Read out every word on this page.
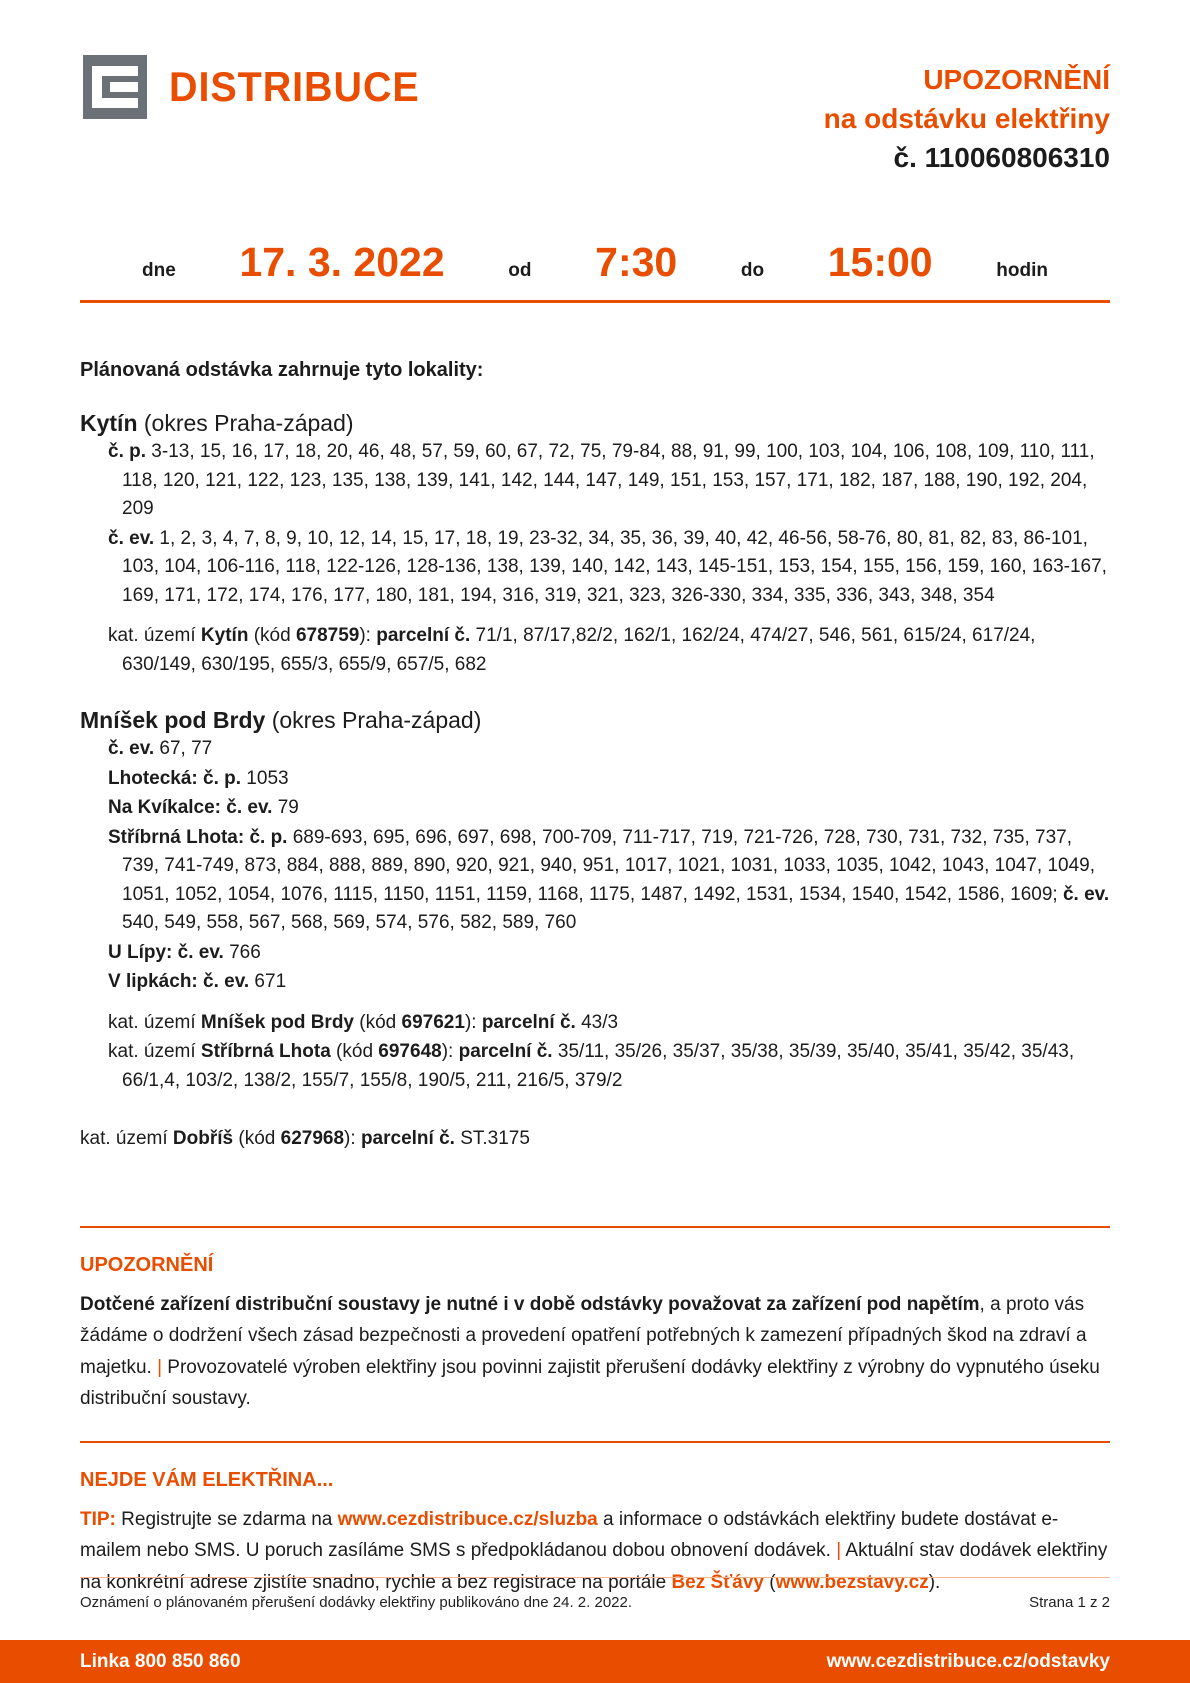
DISTRIBUCE	UPOZORNĚNÍ
na odstávku elektřiny
č. 110060806310
dne 17. 3. 2022	od 7:30	do 15:00	hodin

Plánovaná odstávka zahrnuje tyto lokality:

Kytín (okres Praha-západ)

č. p. 3-13, 15, 16, 17, 18, 20, 46, 48, 57, 59, 60, 67, 72, 75, 79-84, 88, 91, 99, 100, 103, 104, 106, 108, 109, 110, 111, 118, 120, 121, 122, 123, 135, 138, 139, 141, 142, 144, 147, 149, 151, 153, 157, 171, 182, 187, 188, 190, 192, 204, 209

č. ev. 1, 2, 3, 4, 7, 8, 9, 10, 12, 14, 15, 17, 18, 19, 23-32, 34, 35, 36, 39, 40, 42, 46-56, 58-76, 80, 81, 82, 83, 86-101, 103, 104, 106-116, 118, 122-126, 128-136, 138, 139, 140, 142, 143, 145-151, 153, 154, 155, 156, 159, 160, 163-167, 169, 171, 172, 174, 176, 177, 180, 181, 194, 316, 319, 321, 323, 326-330, 334, 335, 336, 343, 348, 354

kat. území Kytín (kód 678759): parcelní č. 71/1, 87/17,82/2, 162/1, 162/24, 474/27, 546, 561, 615/24, 617/24, 630/149, 630/195, 655/3, 655/9, 657/5, 682

Mníšek pod Brdy (okres Praha-západ)

č. ev. 67, 77

Lhotecká: č. p. 1053

Na Kvíkalce: č. ev. 79

Stříbrná Lhota: č. p. 689-693, 695, 696, 697, 698, 700-709, 711-717, 719, 721-726, 728, 730, 731, 732, 735, 737, 739, 741-749, 873, 884, 888, 889, 890, 920, 921, 940, 951, 1017, 1021, 1031, 1033, 1035, 1042, 1043, 1047, 1049, 1051, 1052, 1054, 1076, 1115, 1150, 1151, 1159, 1168, 1175, 1487, 1492, 1531, 1534, 1540, 1542, 1586, 1609; č. ev. 540, 549, 558, 567, 568, 569, 574, 576, 582, 589, 760

U Lípy: č. ev. 766

V lipkách: č. ev. 671

kat. území Mníšek pod Brdy (kód 697621): parcelní č. 43/3

kat. území Stříbrná Lhota (kód 697648): parcelní č. 35/11, 35/26, 35/37, 35/38, 35/39, 35/40, 35/41, 35/42, 35/43, 66/1,4, 103/2, 138/2, 155/7, 155/8, 190/5, 211, 216/5, 379/2

kat. území Dobříš (kód 627968): parcelní č. ST.3175

UPOZORNĚNÍ

Dotčené zařízení distribuční soustavy je nutné i v době odstávky považovat za zařízení pod napětím, a proto vás žádáme o dodržení všech zásad bezpečnosti a provedení opatření potřebných k zamezení případných škod na zdraví a majetku. | Provozovatelé výroben elektřiny jsou povinni zajistit přerušení dodávky elektřiny z výrobny do vypnutého úseku distribuční soustavy.

NEJDE VÁM ELEKTŘINA...

TIP: Registrujte se zdarma na www.cezdistribuce.cz/sluzba a informace o odstávkách elektřiny budete dostávat e-mailem nebo SMS. U poruch zasíláme SMS s předpokládanou dobou obnovení dodávek. | Aktuální stav dodávek elektřiny na konkrétní adrese zjistíte snadno, rychle a bez registrace na portále Bez Šťávy (www.bezstavy.cz).

Oznámení o plánovaném přerušení dodávky elektřiny publikováno dne 24. 2. 2022.	Strana 1 z 2
Linka 800 850 860	www.cezdistribuce.cz/odstavky
